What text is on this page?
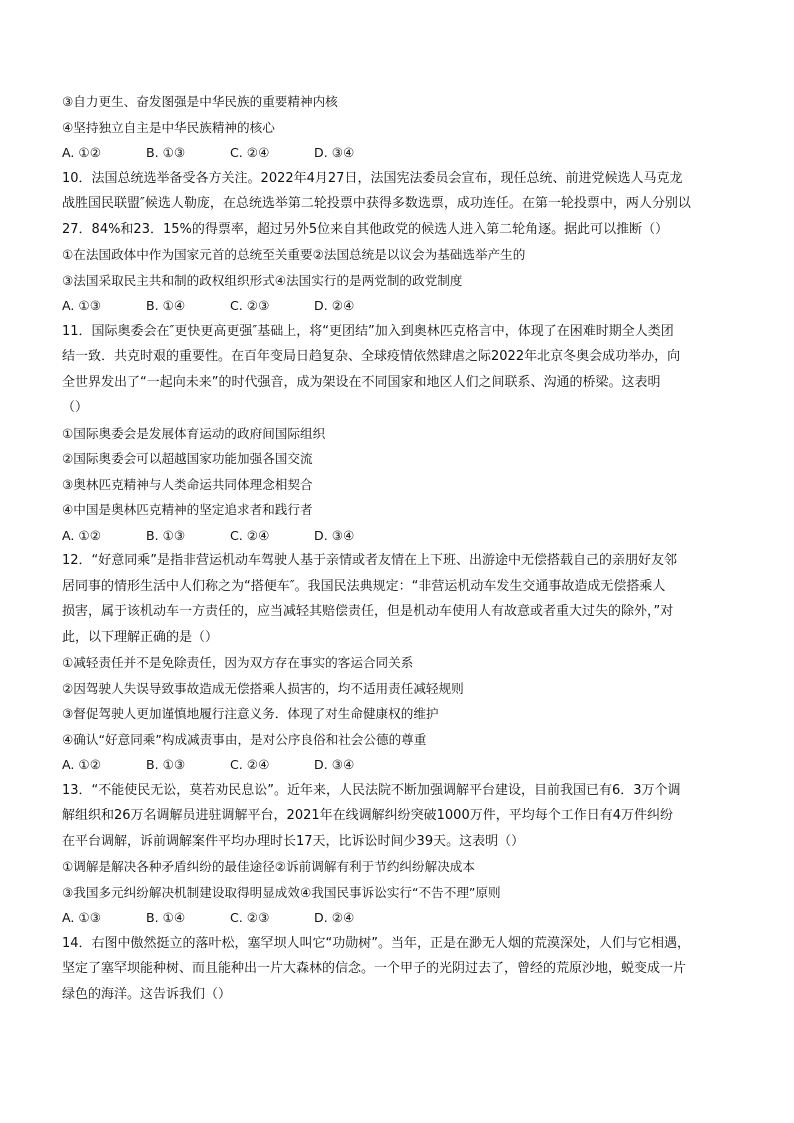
③自力更生、奋发图强是中华民族的重要精神内核
④坚持独立自主是中华民族精神的核心
A. ①②	B. ①③	C. ②④	D. ③④
10．法国总统选举备受各方关注。2022年4月27日，法国宪法委员会宣布，现任总统、前进党候选人马克龙
战胜国民联盟″候选人勒庞，在总统选举第二轮投票中获得多数选票，成功连任。在第一轮投票中，两人分别以
27．84%和23．15%的得票率，超过另外5位来自其他政党的候选人进入第二轮角逐。据此可以推断（）
①在法国政体中作为国家元首的总统至关重要②法国总统是以议会为基础选举产生的
③法国采取民主共和制的政权组织形式④法国实行的是两党制的政党制度
A. ①③	B. ①④	C. ②③	D. ②④
11．国际奥委会在″更快更高更强″基础上，将“更团结”加入到奥林匹克格言中，体现了在困难时期全人类团
结一致．共克时艰的重要性。在百年变局日趋复杂、全球疫情依然肆虐之际2022年北京冬奥会成功举办，向
全世界发出了“一起向未来”的时代强音，成为架设在不同国家和地区人们之间联系、沟通的桥梁。这表明
（）
①国际奥委会是发展体育运动的政府间国际组织
②国际奥委会可以超越国家功能加强各国交流
③奥林匹克精神与人类命运共同体理念相契合
④中国是奥林匹克精神的坚定追求者和践行者
A. ①②	B. ①③	C. ②④	D. ③④
12．“好意同乘”是指非营运机动车驾驶人基于亲情或者友情在上下班、出游途中无偿搭载自己的亲朋好友邻
居同事的情形生活中人们称之为“搭便车″。我国民法典规定：“非营运机动车发生交通事故造成无偿搭乘人
损害，属于该机动车一方责任的，应当减轻其赔偿责任，但是机动车使用人有故意或者重大过失的除外，”对
此，以下理解正确的是（）
①减轻责任并不是免除责任，因为双方存在事实的客运合同关系
②因驾驶人失误导致事故造成无偿搭乘人损害的，均不适用责任减轻规则
③督促驾驶人更加谨慎地履行注意义务．体现了对生命健康权的维护
④确认“好意同乘”构成减责事由，是对公序良俗和社会公德的尊重
A. ①②	B. ①③	C. ②④	D. ③④
13．“不能使民无讼，莫若劝民息讼”。近年来，人民法院不断加强调解平台建设，目前我国已有6．3万个调
解组织和26万名调解员进驻调解平台，2021年在线调解纠纷突破1000万件，平均每个工作日有4万件纠纷
在平台调解，诉前调解案件平均办理时长17天，比诉讼时间少39天。这表明（）
①调解是解决各种矛盾纠纷的最佳途径②诉前调解有利于节约纠纷解决成本
③我国多元纠纷解决机制建设取得明显成效④我国民事诉讼实行“不告不理”原则
A. ①③	B. ①④	C. ②③	D. ②④
14．右图中傲然挺立的落叶松，塞罕坝人叫它“功勋树”。当年，正是在渺无人烟的荒漠深处，人们与它相遇，
坚定了塞罕坝能种树、而且能种出一片大森林的信念。一个甲子的光阴过去了，曾经的荒原沙地，蜕变成一片
绿色的海洋。这告诉我们（）
